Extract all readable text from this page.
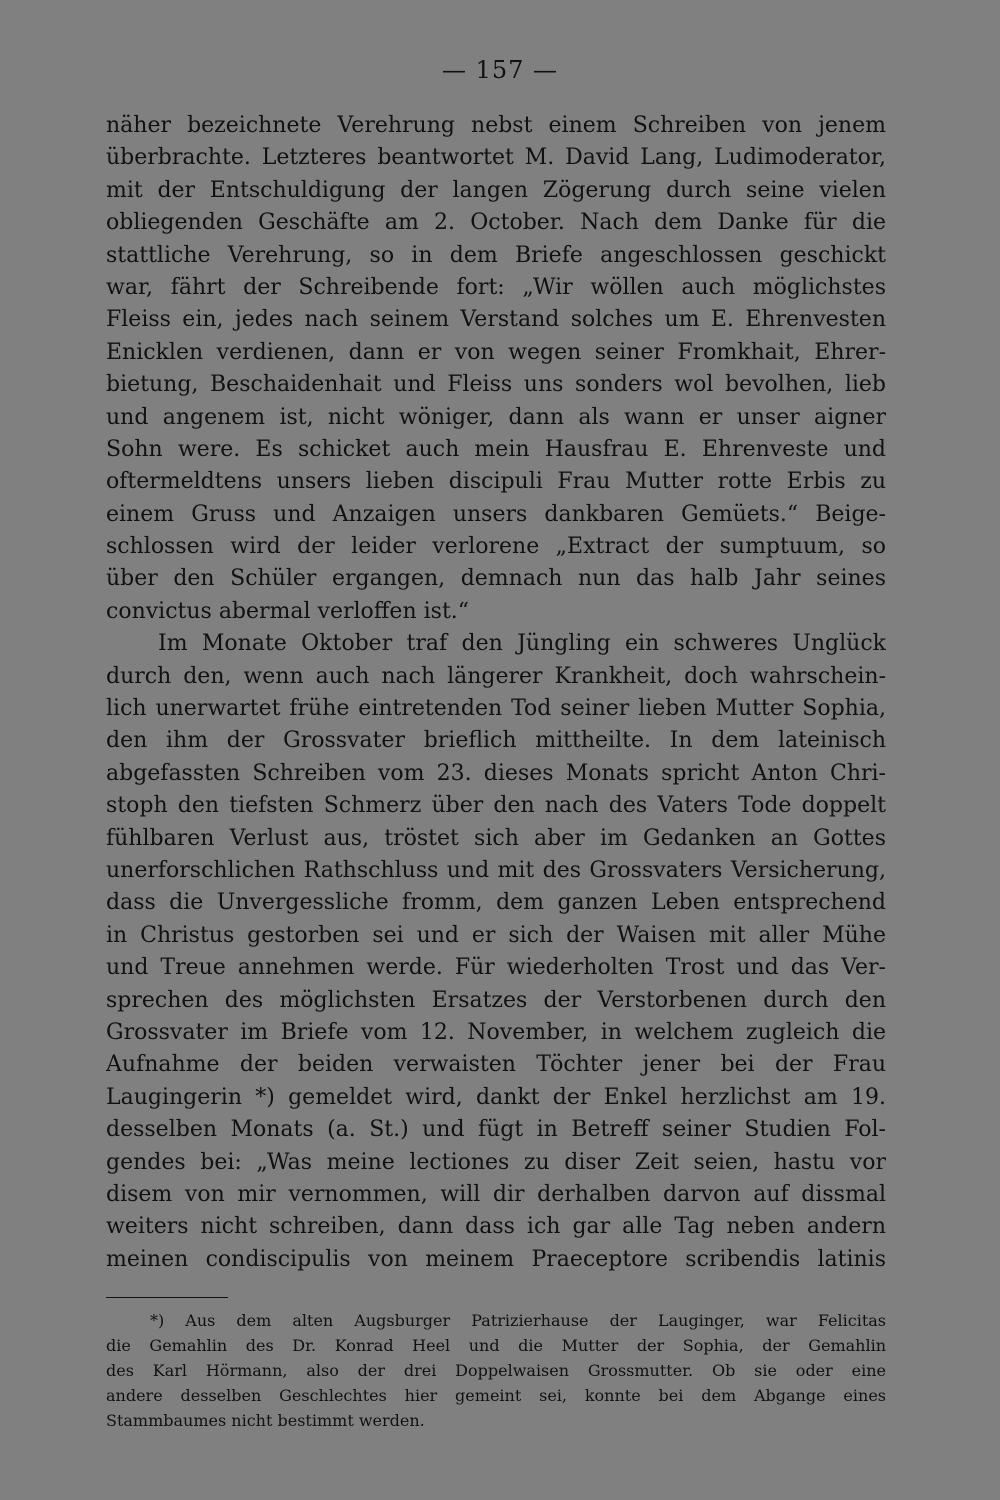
— 157 —
näher bezeichnete Verehrung nebst einem Schreiben von jenem
überbrachte. Letzteres beantwortet M. David Lang, Ludimoderator,
mit der Entschuldigung der langen Zögerung durch seine vielen
obliegenden Geschäfte am 2. October. Nach dem Danke für die
stattliche Verehrung, so in dem Briefe angeschlossen geschickt
war, fährt der Schreibende fort: „Wir wöllen auch möglichstes
Fleiss ein, jedes nach seinem Verstand solches um E. Ehrenvesten
Enicklen verdienen, dann er von wegen seiner Fromkhait, Ehrer-
bietung, Beschaidenhait und Fleiss uns sonders wol bevolhen, lieb
und angenem ist, nicht wöniger, dann als wann er unser aigner
Sohn were. Es schicket auch mein Hausfrau E. Ehrenveste und
oftermeldtens unsers lieben discipuli Frau Mutter rotte Erbis zu
einem Gruss und Anzaigen unsers dankbaren Gemüets.“ Beige-
schlossen wird der leider verlorene „Extract der sumptuum, so
über den Schüler ergangen, demnach nun das halb Jahr seines
convictus abermal verloffen ist.“
Im Monate Oktober traf den Jüngling ein schweres Unglück
durch den, wenn auch nach längerer Krankheit, doch wahrschein-
lich unerwartet frühe eintretenden Tod seiner lieben Mutter Sophia,
den ihm der Grossvater brieflich mittheilte. In dem lateinisch
abgefassten Schreiben vom 23. dieses Monats spricht Anton Chri-
stoph den tiefsten Schmerz über den nach des Vaters Tode doppelt
fühlbaren Verlust aus, tröstet sich aber im Gedanken an Gottes
unerforschlichen Rathschluss und mit des Grossvaters Versicherung,
dass die Unvergessliche fromm, dem ganzen Leben entsprechend
in Christus gestorben sei und er sich der Waisen mit aller Mühe
und Treue annehmen werde. Für wiederholten Trost und das Ver-
sprechen des möglichsten Ersatzes der Verstorbenen durch den
Grossvater im Briefe vom 12. November, in welchem zugleich die
Aufnahme der beiden verwaisten Töchter jener bei der Frau
Laugingerin *) gemeldet wird, dankt der Enkel herzlichst am 19.
desselben Monats (a. St.) und fügt in Betreff seiner Studien Fol-
gendes bei: „Was meine lectiones zu diser Zeit seien, hastu vor
disem von mir vernommen, will dir derhalben darvon auf dissmal
weiters nicht schreiben, dann dass ich gar alle Tag neben andern
meinen condiscipulis von meinem Praeceptore scribendis latinis
*) Aus dem alten Augsburger Patrizierhause der Lauginger, war Felicitas
die Gemahlin des Dr. Konrad Heel und die Mutter der Sophia, der Gemahlin
des Karl Hörmann, also der drei Doppelwaisen Grossmutter. Ob sie oder eine
andere desselben Geschlechtes hier gemeint sei, konnte bei dem Abgange eines
Stammbaumes nicht bestimmt werden.
